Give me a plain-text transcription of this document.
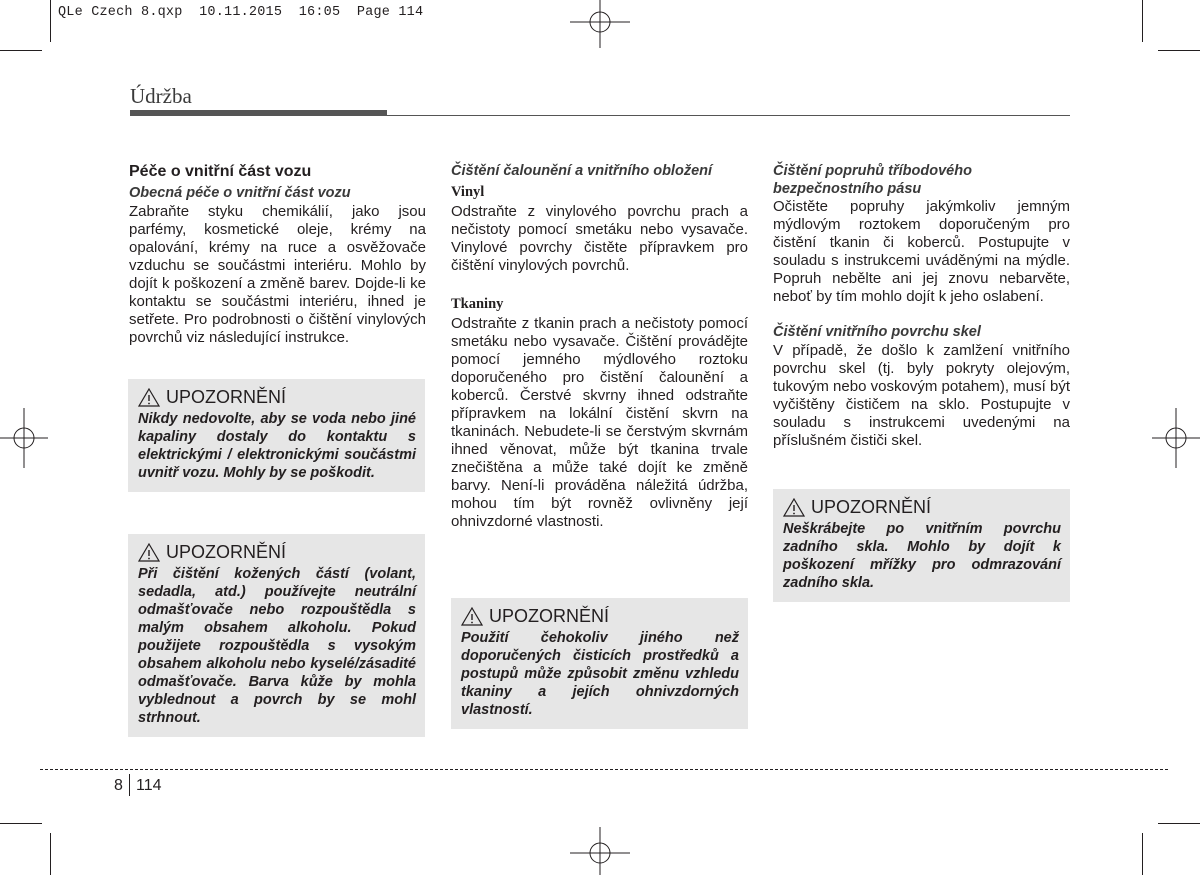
QLe Czech 8.qxp  10.11.2015  16:05  Page 114
Údržba

Péče o vnitřní část vozu

Obecná péče o vnitřní část vozu

Zabraňte styku chemikálií, jako jsou parfémy, kosmetické oleje, krémy na opalování, krémy na ruce a osvěžovače vzduchu se součástmi interiéru. Mohlo by dojít k poškození a změně barev. Dojde-li ke kontaktu se součástmi interiéru, ihned je setřete. Pro podrobnosti o čištění vinylových povrchů viz následující instrukce.

UPOZORNĚNÍ

Nikdy nedovolte, aby se voda nebo jiné kapaliny dostaly do kontaktu s elektrickými / elektronickými součástmi uvnitř vozu. Mohly by se poškodit.

UPOZORNĚNÍ

Při čištění kožených částí (volant, sedadla, atd.) používejte neutrální odmašťovače nebo rozpouštědla s malým obsahem alkoholu. Pokud použijete rozpouštědla s vysokým obsahem alkoholu nebo kyselé/zásadité odmašťovače. Barva kůže by mohla vyblednout a povrch by se mohl strhnout.

Čištění čalounění a vnitřního obložení

Vinyl

Odstraňte z vinylového povrchu prach a nečistoty pomocí smetáku nebo vysavače. Vinylové povrchy čistěte přípravkem pro čištění vinylových povrchů.

Tkaniny

Odstraňte z tkanin prach a nečistoty pomocí smetáku nebo vysavače. Čištění provádějte pomocí jemného mýdlového roztoku doporučeného pro čistění čalounění a koberců. Čerstvé skvrny ihned odstraňte přípravkem na lokální čistění skvrn na tkaninách. Nebudete-li se čerstvým skvrnám ihned věnovat, může být tkanina trvale znečištěna a může také dojít ke změně barvy. Není-li prováděna náležitá údržba, mohou tím být rovněž ovlivněny její ohnivzdorné vlastnosti.

UPOZORNĚNÍ

Použití čehokoliv jiného než doporučených čisticích prostředků a postupů může způsobit změnu vzhledu tkaniny a jejích ohnivzdorných vlastností.

Čištění popruhů tříbodového bezpečnostního pásu

Očistěte popruhy jakýmkoliv jemným mýdlovým roztokem doporučeným pro čistění tkanin či koberců. Postupujte v souladu s instrukcemi uváděnými na mýdle. Popruh nebělte ani jej znovu nebarvěte, neboť by tím mohlo dojít k jeho oslabení.

Čištění vnitřního povrchu skel

V případě, že došlo k zamlžení vnitřního povrchu skel (tj. byly pokryty olejovým, tukovým nebo voskovým potahem), musí být vyčištěny čističem na sklo. Postupujte v souladu s instrukcemi uvedenými na příslušném čističi skel.

UPOZORNĚNÍ

Neškrábejte po vnitřním povrchu zadního skla. Mohlo by dojít k poškození mřížky pro odmrazování zadního skla.

8 114
